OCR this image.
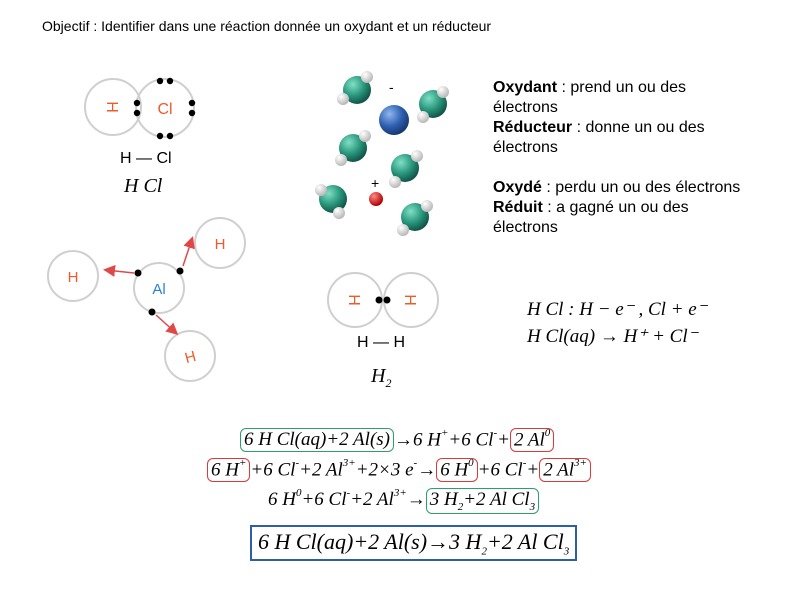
Objectif : Identifier dans une réaction donnée un oxydant et un réducteur
H Cl
H — Cl
H Cl
H
H
H
Al
H H
H — H
$H_2$
-
+

Oxydant : prend un ou des électrons

Réducteur : donne un ou des électrons

Oxydé : perdu un ou des électrons

Réduit : a gagné un ou des électrons

H Cl : H − e⁻ , Cl + e⁻
H Cl(aq) → H⁺ + Cl⁻
6 H Cl(aq)+2 Al(s) →6 H++6 Cl-+ 2 Al$^0$
6 H+ +6 Cl-+2 $Al^{3+}+2\times 3$ e-→ 6 $H^0 +6$ Cl-+ 2 $Al^{3+}$
6 $H^0+6$ Cl-+2 $Al^{3+}\to 3$ $H_2+2$ Al $Cl_3$
6 H Cl(aq)+2 Al(s)→3 $H_2+2$ Al $Cl_3$
